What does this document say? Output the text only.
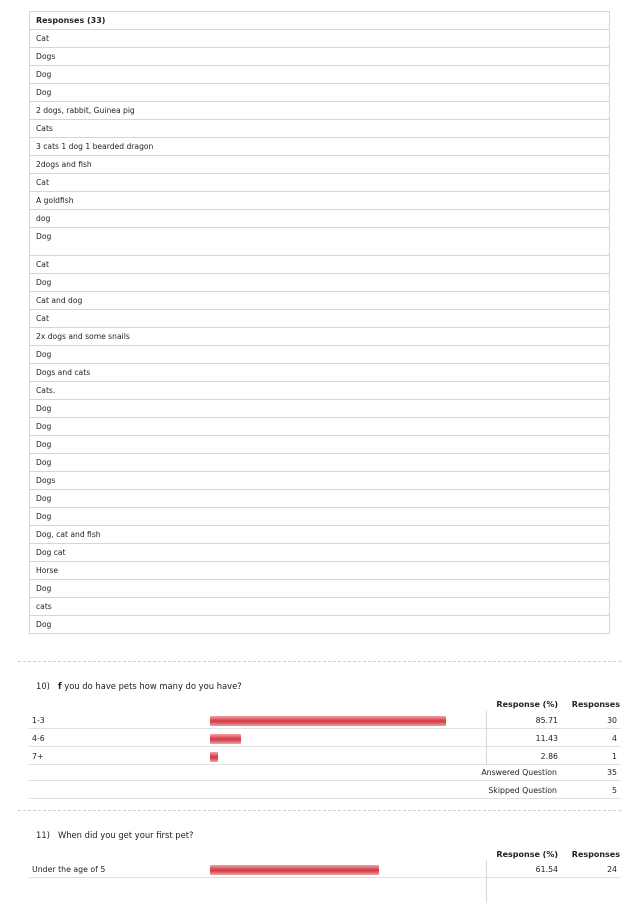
Responses (33)
Cat
Dogs
Dog
Dog
2 dogs, rabbit, Guinea pig
Cats
3 cats 1 dog 1 bearded dragon
2dogs and fish
Cat
A goldfish
dog
Dog
Cat
Dog
Cat and dog
Cat
2x dogs and some snails
Dog
Dogs and cats
Cats.
Dog
Dog
Dog
Dog
Dogs
Dog
Dog
Dog, cat and fish
Dog cat
Horse
Dog
cats
Dog
10) f you do have pets how many do you have?
Response (%) Responses
1-3	85.71	30
4-6	11.43	4
7+	2.86	1
Answered Question	35
Skipped Question	5
11) When did you get your first pet?
Response (%) Responses
Under the age of 5	61.54	24
